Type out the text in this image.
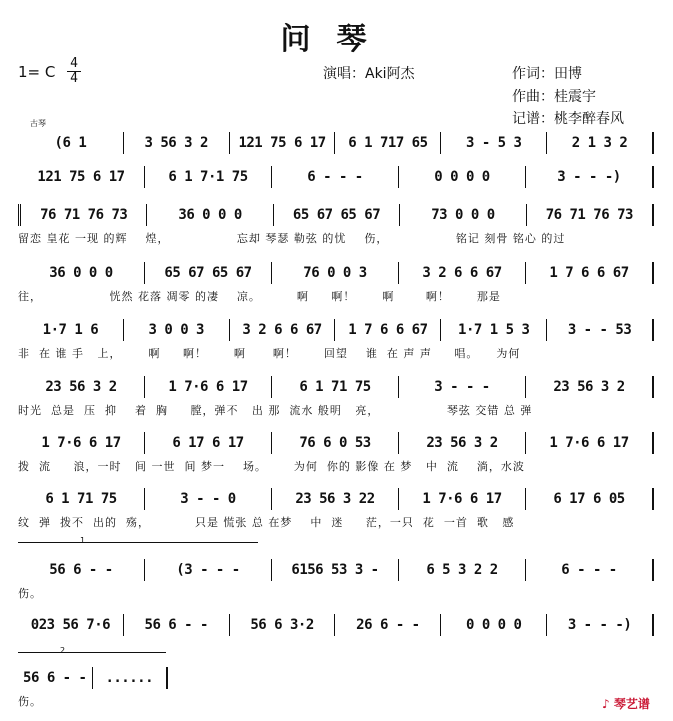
问琴
1= C 4
4	演唱：Aki阿杰	作词：田博
作曲：桂震宇
记谱：桃李醉春风
古琴
(6 1	3 56 3 2	121 75 6 17	6 1 717 65	3 - 5 3	2 1 3 2
121 75 6 17	6 1 7·1 75	6 - - -	0 0 0 0	3 - - -)
76 71 76 73	36 0 0 0	65 67 65 67	73 0 0 0	76 71 76 73
留恋 皇花 一现 的辉    煌，               忘却 琴瑟 勒弦 的忧    伤，               铭记 刻骨 铭心 的过
36 0 0 0	65 67 65 67	76 0 0 3	3 2 6 6 67	1 7 6 6 67
往，               恍然 花落 凋零 的凄    凉。        啊     啊！      啊       啊！      那是
1·7 1 6	3 0 0 3	3 2 6 6 67	1 7 6 6 67	1·7 1 5 3	3 - - 53
非  在 谁 手   上，      啊     啊！      啊      啊！      回望    谁  在 声 声     唱。    为何
23 56 3 2	1 7·6 6 17	6 1 71 75	3 - - -	23 56 3 2
时光  总是  压  抑    着  胸     膛，弹不   出 那  流水 般明   亮，               琴弦 交错 总 弹
1 7·6 6 17	6 17 6 17	76 6 0 53	23 56 3 2	1 7·6 6 17
拨  流     浪，一时   间 一世  间 梦一    场。      为何  你的 影像 在 梦   中  流    淌，水波
6 1 71 75	3 - - 0	23 56 3 22	1 7·6 6 17	6 17 6 05
纹  弹  拨不  出的  殇，          只是 慌张 总 在梦    中  迷     茫，一只  花  一首  歌   感
56 6 - -	(3 - - -	6156 53 3 -	6 5 3 2 2	6 - - -
伤。
023 56 7·6	56 6 - -	56 6 3·2	26 6 - -	0 0 0 0	3 - - -)
56 6 - -	......
伤。
1
2
♪ 琴艺谱
